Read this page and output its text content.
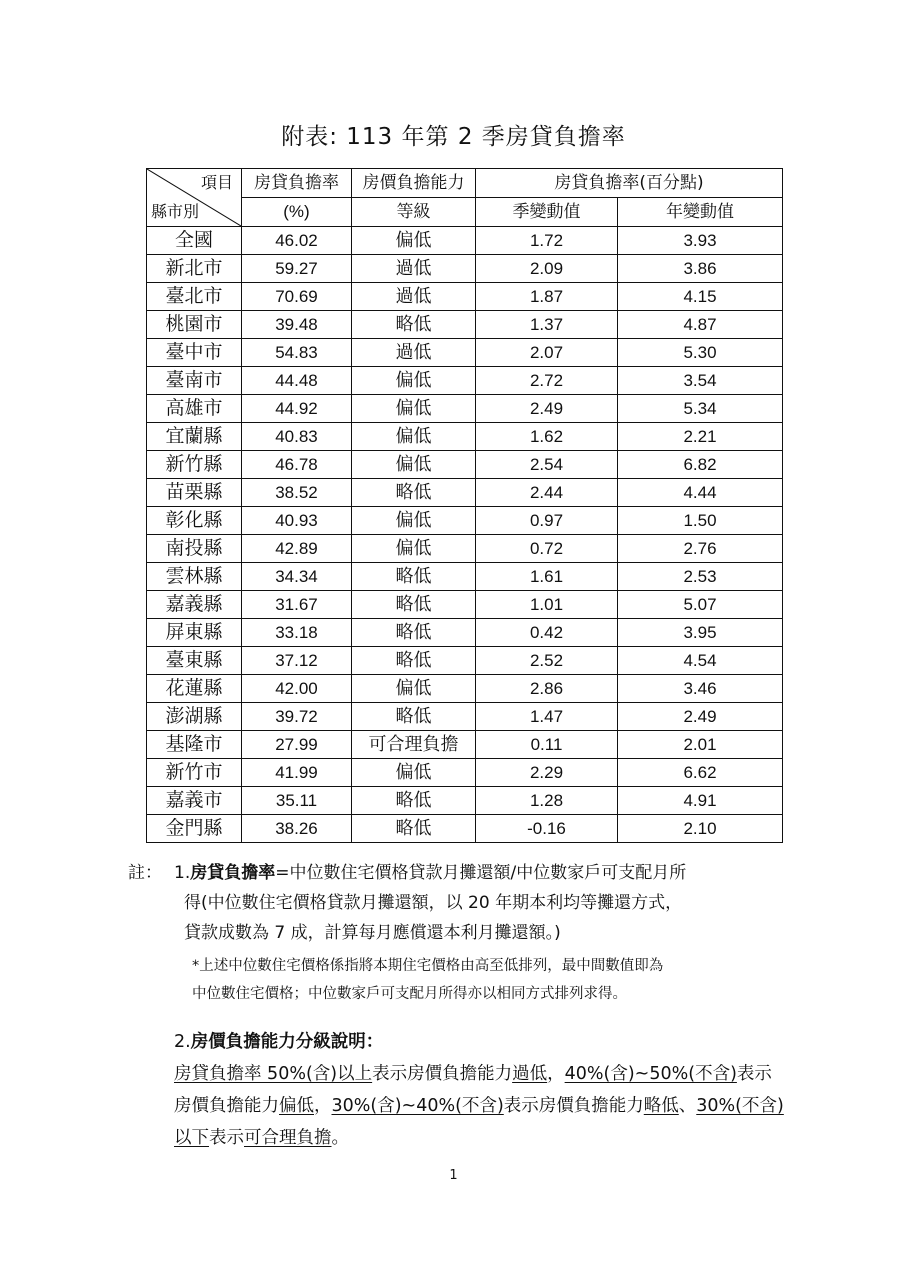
附表: 113 年第 2 季房貸負擔率
項目
縣市別	房貸負擔率	房價負擔能力	房貸負擔率(百分點)	
	(%)	等級	季變動值	年變動值
全國	46.02	偏低	1.72	3.93
新北市	59.27	過低	2.09	3.86
臺北市	70.69	過低	1.87	4.15
桃園市	39.48	略低	1.37	4.87
臺中市	54.83	過低	2.07	5.30
臺南市	44.48	偏低	2.72	3.54
高雄市	44.92	偏低	2.49	5.34
宜蘭縣	40.83	偏低	1.62	2.21
新竹縣	46.78	偏低	2.54	6.82
苗栗縣	38.52	略低	2.44	4.44
彰化縣	40.93	偏低	0.97	1.50
南投縣	42.89	偏低	0.72	2.76
雲林縣	34.34	略低	1.61	2.53
嘉義縣	31.67	略低	1.01	5.07
屏東縣	33.18	略低	0.42	3.95
臺東縣	37.12	略低	2.52	4.54
花蓮縣	42.00	偏低	2.86	3.46
澎湖縣	39.72	略低	1.47	2.49
基隆市	27.99	可合理負擔	0.11	2.01
新竹市	41.99	偏低	2.29	6.62
嘉義市	35.11	略低	1.28	4.91
金門縣	38.26	略低	-0.16	2.10
註： 1.房貸負擔率=中位數住宅價格貸款月攤還額/中位數家戶可支配月所
得(中位數住宅價格貸款月攤還額，以 20 年期本利均等攤還方式，
貸款成數為 7 成，計算每月應償還本利月攤還額。)
*上述中位數住宅價格係指將本期住宅價格由高至低排列，最中間數值即為
中位數住宅價格；中位數家戶可支配月所得亦以相同方式排列求得。
2.房價負擔能力分級說明：
房貸負擔率 50%(含)以上表示房價負擔能力過低，40%(含)~50%(不含)表示房價負擔能力偏低，30%(含)~40%(不含)表示房價負擔能力略低、30%(不含)以下表示可合理負擔。
1
